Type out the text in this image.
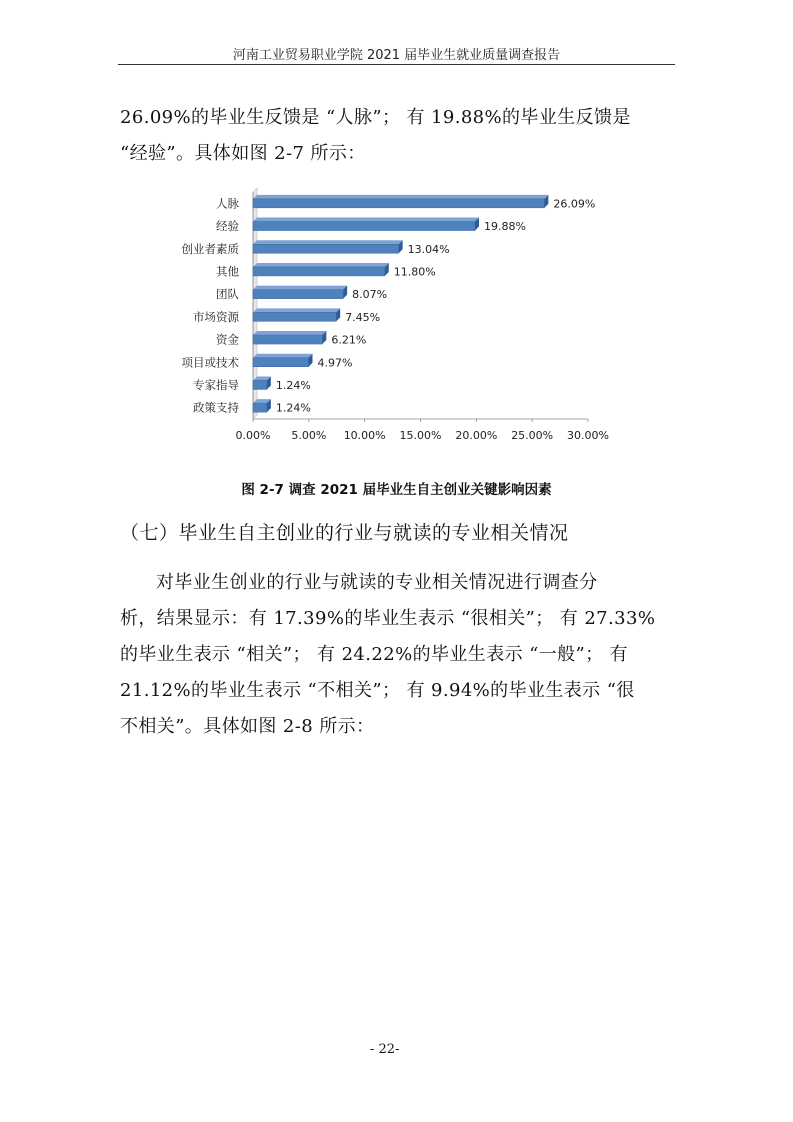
河南工业贸易职业学院 2021 届毕业生就业质量调查报告
26.09%的毕业生反馈是 “人脉”； 有 19.88%的毕业生反馈是
“经验”。具体如图 2-7 所示：
人脉	26.09%
经验	19.88%
创业者素质	13.04%
其他	11.80%
团队	8.07%
市场资源	7.45%
资金	6.21%
项目或技术	4.97%
专家指导	1.24%
政策支持	1.24%
0.00% 5.00% 10.00% 15.00% 20.00% 25.00% 30.00%
图 2-7 调查 2021 届毕业生自主创业关键影响因素
（七）毕业生自主创业的行业与就读的专业相关情况
对毕业生创业的行业与就读的专业相关情况进行调查分
析，结果显示：有 17.39%的毕业生表示 “很相关”； 有 27.33%
的毕业生表示 “相关”； 有 24.22%的毕业生表示 “一般”； 有
21.12%的毕业生表示 “不相关”； 有 9.94%的毕业生表示 “很
不相关”。具体如图 2-8 所示：
- 22-
